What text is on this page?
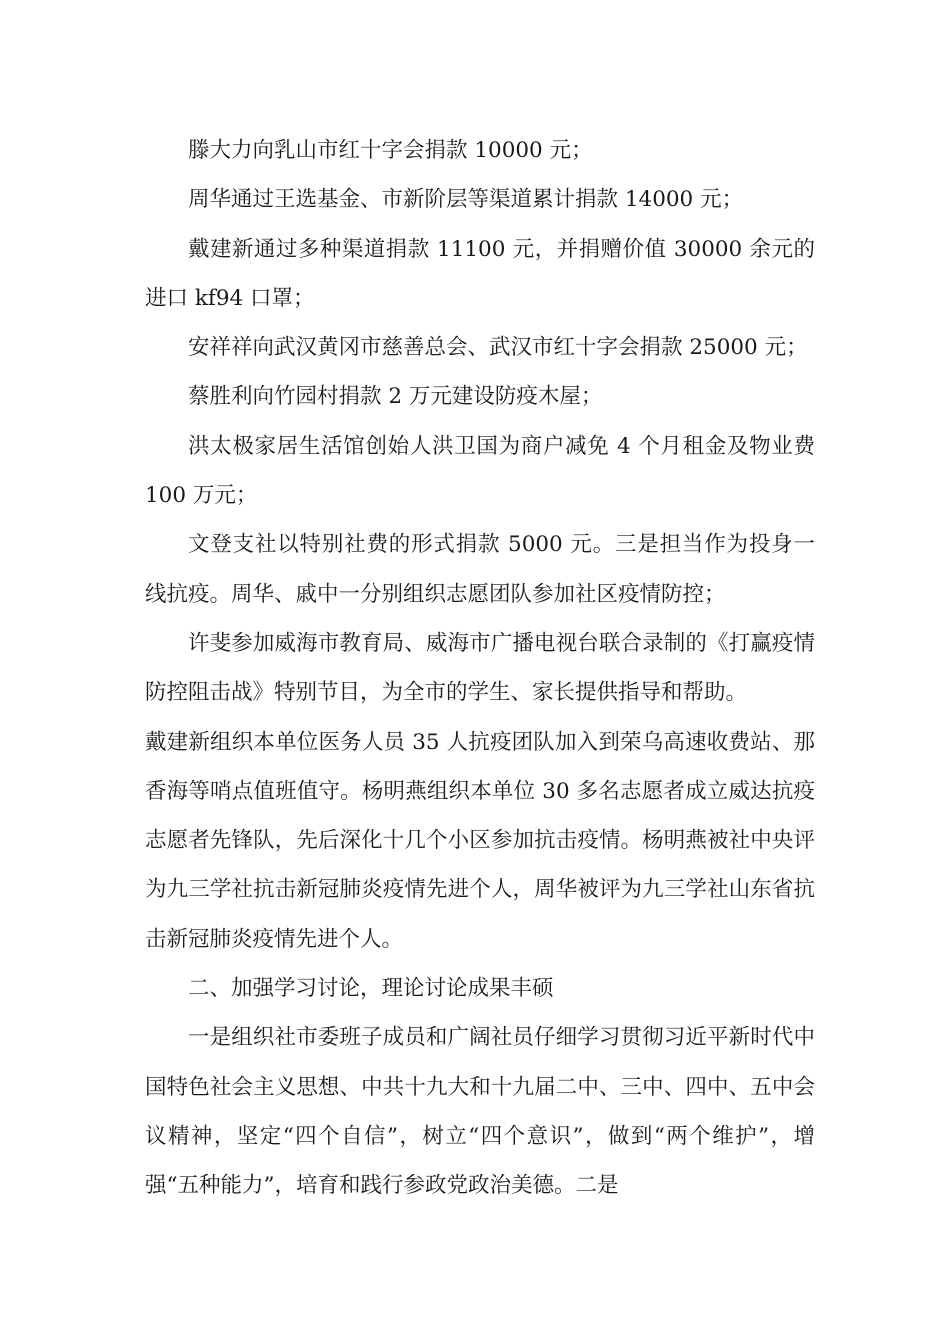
滕大力向乳山市红十字会捐款 10000 元；

周华通过王选基金、市新阶层等渠道累计捐款 14000 元；

戴建新通过多种渠道捐款 11100 元，并捐赠价值 30000 余元的进口 kf94 口罩；

安祥祥向武汉黄冈市慈善总会、武汉市红十字会捐款 25000 元；

蔡胜利向竹园村捐款 2 万元建设防疫木屋；

洪太极家居生活馆创始人洪卫国为商户减免 4 个月租金及物业费 100 万元；

文登支社以特别社费的形式捐款 5000 元。三是担当作为投身一线抗疫。周华、戚中一分别组织志愿团队参加社区疫情防控；

许斐参加威海市教育局、威海市广播电视台联合录制的《打赢疫情防控阻击战》特别节目，为全市的学生、家长提供指导和帮助。

戴建新组织本单位医务人员 35 人抗疫团队加入到荣乌高速收费站、那香海等哨点值班值守。杨明燕组织本单位 30 多名志愿者成立威达抗疫志愿者先锋队，先后深化十几个小区参加抗击疫情。杨明燕被社中央评为九三学社抗击新冠肺炎疫情先进个人，周华被评为九三学社山东省抗击新冠肺炎疫情先进个人。

二、加强学习讨论，理论讨论成果丰硕

一是组织社市委班子成员和广阔社员仔细学习贯彻习近平新时代中国特色社会主义思想、中共十九大和十九届二中、三中、四中、五中会议精神，坚定“四个自信”，树立“四个意识”，做到“两个维护”，增强“五种能力”，培育和践行参政党政治美德。二是
